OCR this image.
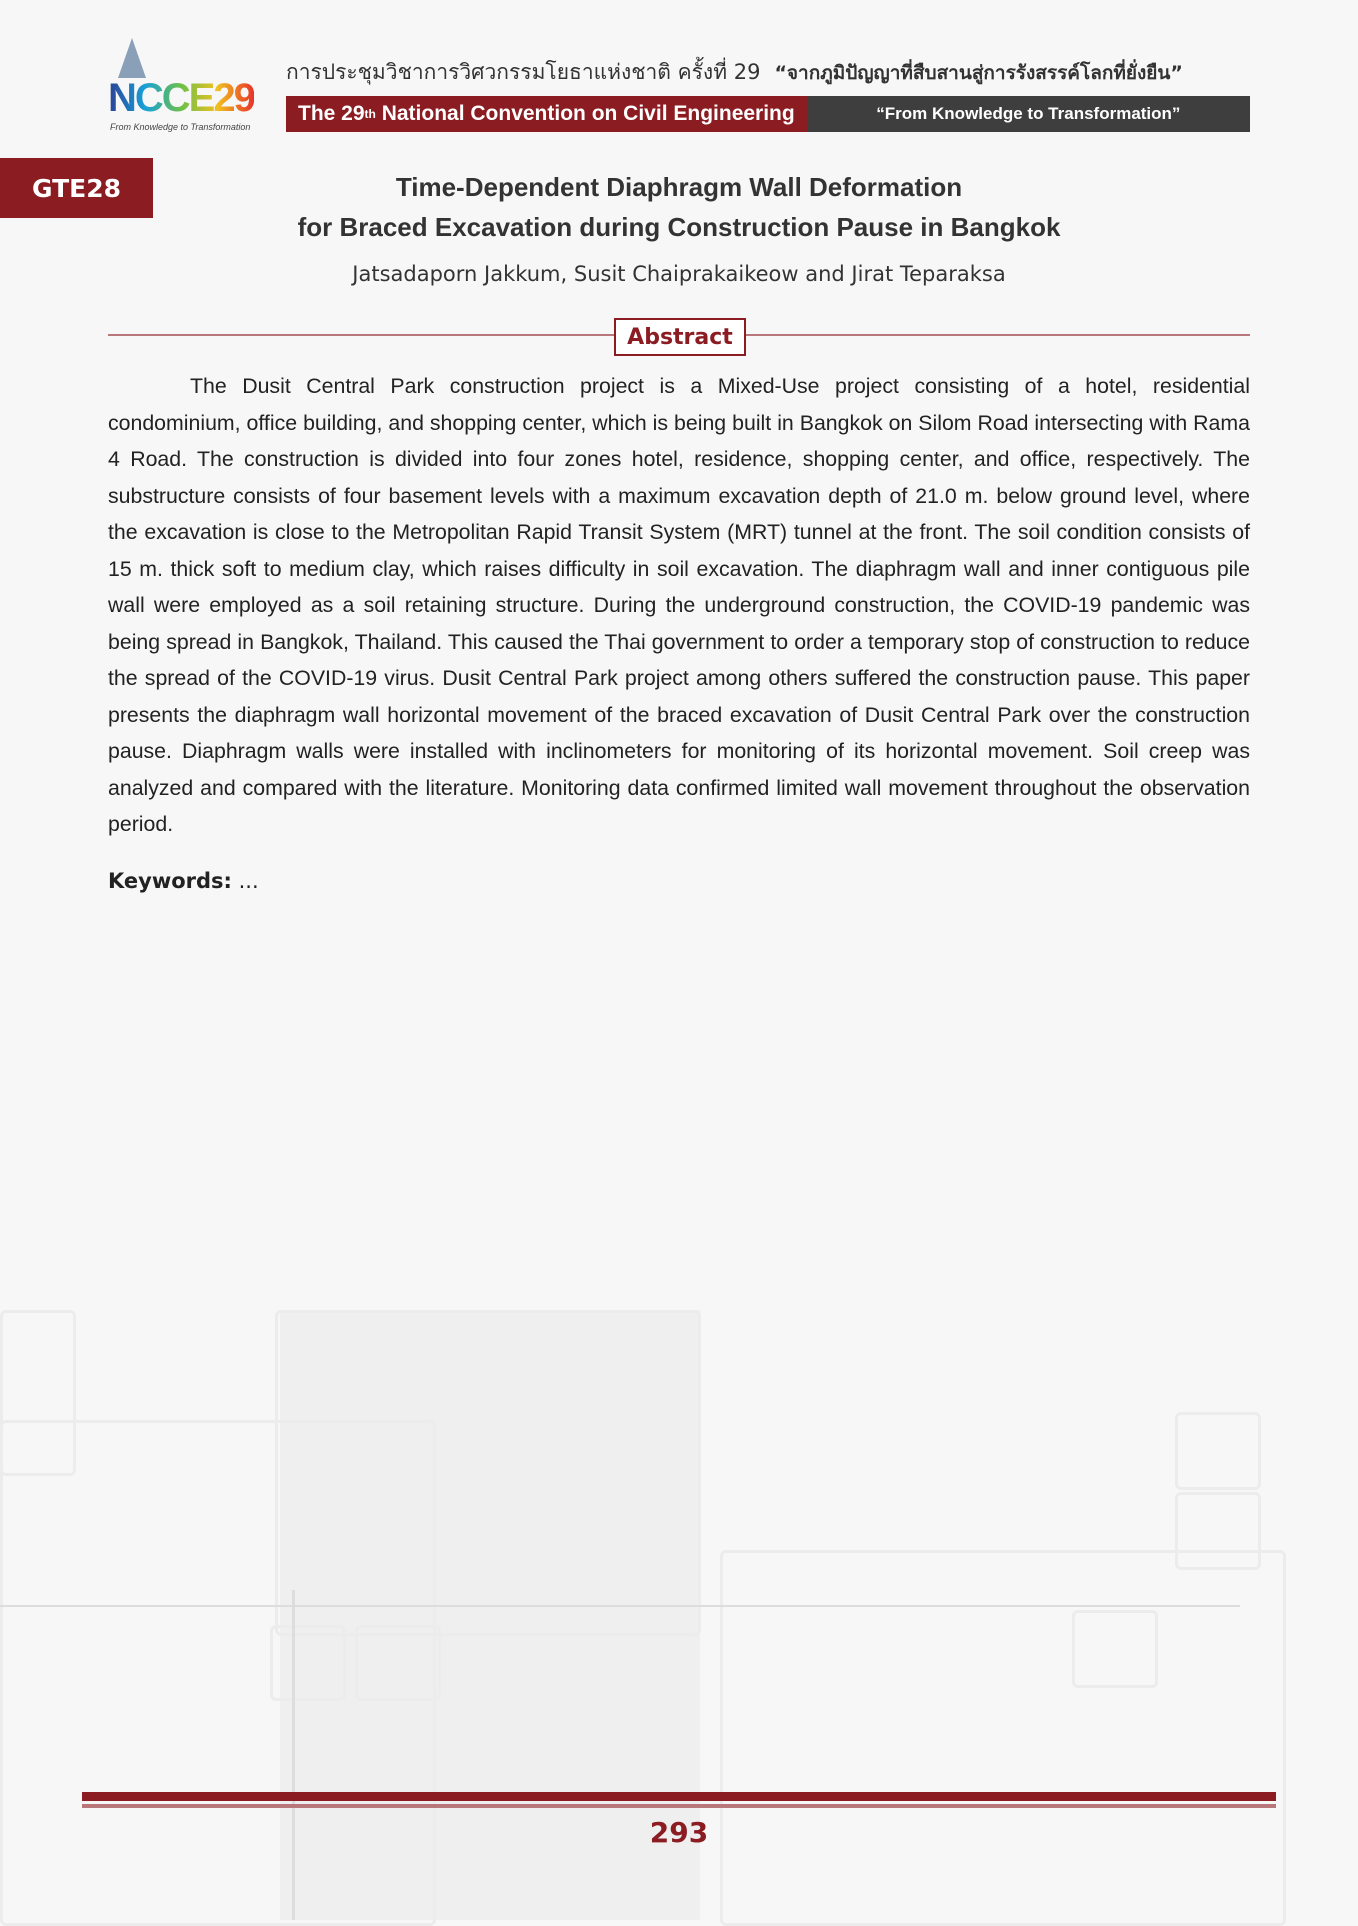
NCCE29
From Knowledge to Transformation
การประชุมวิชาการวิศวกรรมโยธาแห่งชาติ ครั้งที่ 29 “จากภูมิปัญญาที่สืบสานสู่การรังสรรค์โลกที่ยั่งยืน”
The 29 th National Convention on Civil Engineering	“From Knowledge to Transformation”
GTE28	Time-Dependent Diaphragm Wall Deformation
for Braced Excavation during Construction Pause in Bangkok
Jatsadaporn Jakkum, Susit Chaiprakaikeow and Jirat Teparaksa
Abstract
The Dusit Central Park construction project is a Mixed-Use project consisting of a hotel, residential condominium, office building, and shopping center, which is being built in Bangkok on Silom Road intersecting with Rama 4 Road. The construction is divided into four zones hotel, residence, shopping center, and office, respectively. The substructure consists of four basement levels with a maximum excavation depth of 21.0 m. below ground level, where the excavation is close to the Metropolitan Rapid Transit System (MRT) tunnel at the front. The soil condition consists of 15 m. thick soft to medium clay, which raises difficulty in soil excavation. The diaphragm wall and inner contiguous pile wall were employed as a soil retaining structure. During the underground construction, the COVID-19 pandemic was being spread in Bangkok, Thailand. This caused the Thai government to order a temporary stop of construction to reduce the spread of the COVID-19 virus. Dusit Central Park project among others suffered the construction pause. This paper presents the diaphragm wall horizontal movement of the braced excavation of Dusit Central Park over the construction pause. Diaphragm walls were installed with inclinometers for monitoring of its horizontal movement. Soil creep was analyzed and compared with the literature. Monitoring data confirmed limited wall movement throughout the observation period.
Keywords: ...
293
